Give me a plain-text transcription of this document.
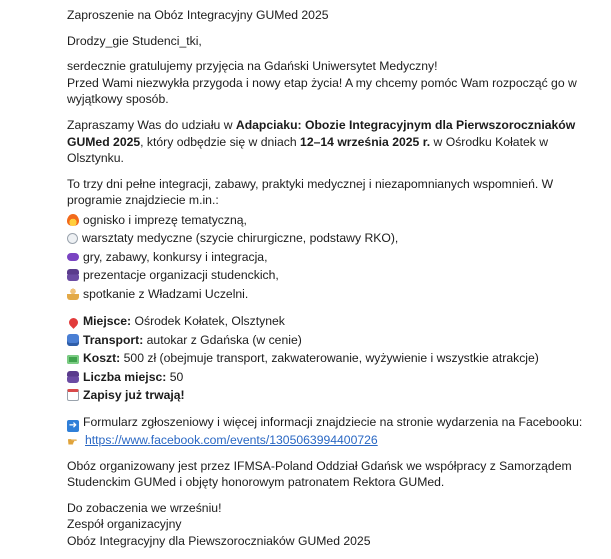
Zaproszenie na Obóz Integracyjny GUMed 2025

Drodzy_gie Studenci_tki,

serdecznie gratulujemy przyjęcia na Gdański Uniwersytet Medyczny!
Przed Wami niezwykła przygoda i nowy etap życia! A my chcemy pomóc Wam rozpocząć go w
wyjątkowy sposób.

Zapraszamy Was do udziału w Adapciaku: Obozie Integracyjnym dla Pierwszoroczniaków
GUMed 2025, który odbędzie się w dniach 12–14 września 2025 r. w Ośrodku Kołatek w
Olsztynku.

To trzy dni pełne integracji, zabawy, praktyki medycznej i niezapomnianych wspomnień. W
programie znajdziecie m.in.:

ognisko i imprezę tematyczną,
warsztaty medyczne (szycie chirurgiczne, podstawy RKO),
gry, zabawy, konkursy i integracja,
prezentacje organizacji studenckich,
spotkanie z Władzami Uczelni.
Miejsce: Ośrodek Kołatek, Olsztynek
Transport: autokar z Gdańska (w cenie)
Koszt: 500 zł (obejmuje transport, zakwaterowanie, wyżywienie i wszystkie atrakcje)
Liczba miejsc: 50
Zapisy już trwają!

➜ Formularz zgłoszeniowy i więcej informacji znajdziecie na stronie wydarzenia na Facebooku:
☛ https://www.facebook.com/events/1305063994400726

Obóz organizowany jest przez IFMSA-Poland Oddział Gdańsk we współpracy z Samorządem
Studenckim GUMed i objęty honorowym patronatem Rektora GUMed.

Do zobaczenia we wrześniu!
Zespół organizacyjny
Obóz Integracyjny dla Piewszoroczniaków GUMed 2025
